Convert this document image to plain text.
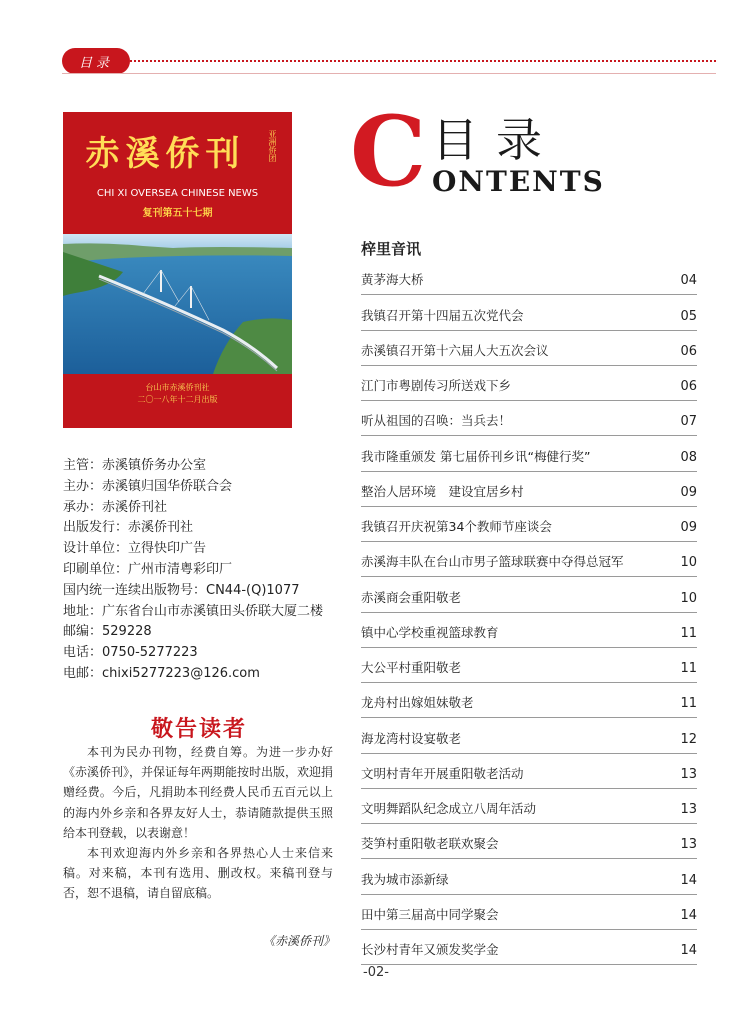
目录
赤溪侨刊	亚洲侨团
CHI XI OVERSEA CHINESE NEWS
复刊第五十七期
台山市赤溪侨刊社
二〇一八年十二月出版
主管：赤溪镇侨务办公室
主办：赤溪镇归国华侨联合会
承办：赤溪侨刊社
出版发行：赤溪侨刊社
设计单位：立得快印广告
印刷单位：广州市清粤彩印厂
国内统一连续出版物号：CN44-(Q)1077
地址：广东省台山市赤溪镇田头侨联大厦二楼
邮编：529228
电话：0750-5277223
电邮：chixi5277223@126.com
敬告读者

本刊为民办刊物，经费自筹。为进一步办好《赤溪侨刊》，并保证每年两期能按时出版，欢迎捐赠经费。今后，凡捐助本刊经费人民币五百元以上的海内外乡亲和各界友好人士，恭请随款提供玉照给本刊登载，以表谢意！

本刊欢迎海内外乡亲和各界热心人士来信来稿。对来稿，本刊有选用、删改权。来稿刊登与否，恕不退稿，请自留底稿。

《赤溪侨刊》
C 目录
ONTENTS
梓里音讯
黄茅海大桥	04
我镇召开第十四届五次党代会	05
赤溪镇召开第十六届人大五次会议	06
江门市粤剧传习所送戏下乡	06
听从祖国的召唤：当兵去！	07
我市隆重颁发 第七届侨刊乡讯“梅健行奖”	08
整治人居环境　建设宜居乡村	09
我镇召开庆祝第34个教师节座谈会	09
赤溪海丰队在台山市男子篮球联赛中夺得总冠军	10
赤溪商会重阳敬老	10
镇中心学校重视篮球教育	11
大公平村重阳敬老	11
龙舟村出嫁姐妹敬老	11
海龙湾村设宴敬老	12
文明村青年开展重阳敬老活动	13
文明舞蹈队纪念成立八周年活动	13
茭笋村重阳敬老联欢聚会	13
我为城市添新绿	14
田中第三届高中同学聚会	14
长沙村青年又颁发奖学金	14
-02-
